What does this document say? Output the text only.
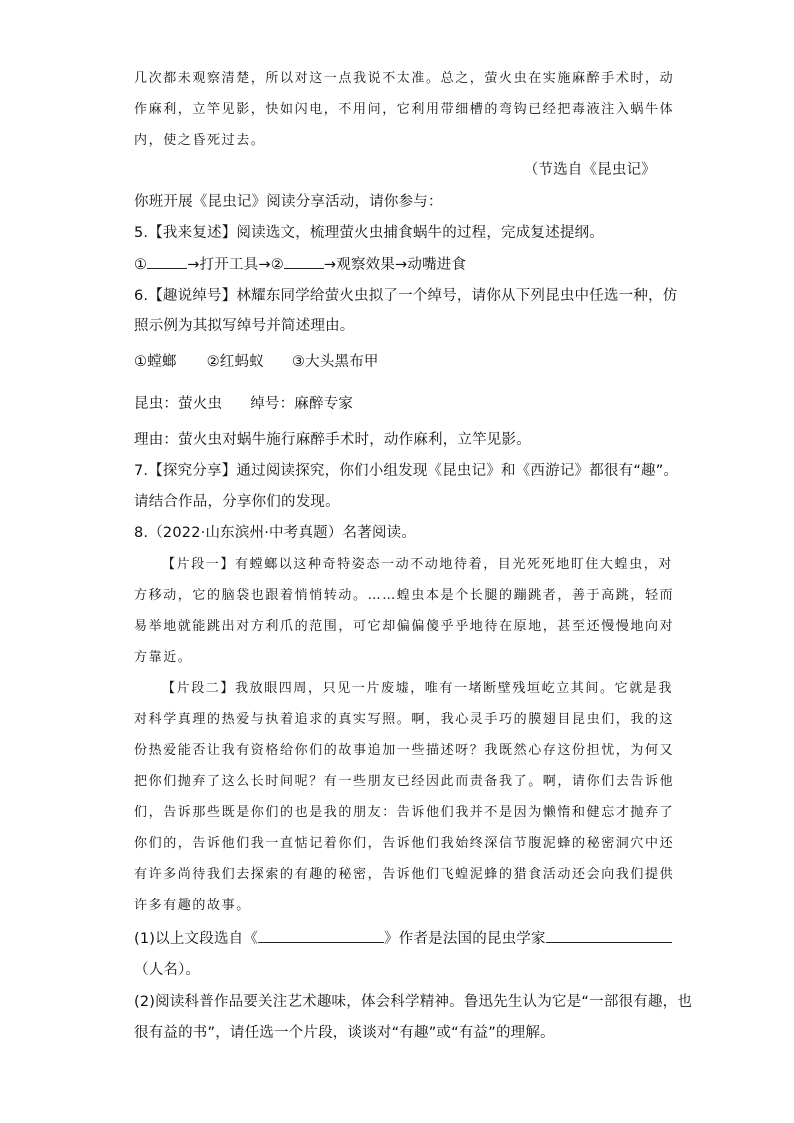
几次都未观察清楚，所以对这一点我说不太准。总之，萤火虫在实施麻醉手术时，动
作麻利，立竿见影，快如闪电，不用问，它利用带细槽的弯钩已经把毒液注入蜗牛体
内，使之昏死过去。
（节选自《昆虫记》
你班开展《昆虫记》阅读分享活动，请你参与：
5.【我来复述】阅读选文，梳理萤火虫捕食蜗牛的过程，完成复述提纲。
①	→打开工具→②	→观察效果→动嘴进食
6.【趣说绰号】林耀东同学给萤火虫拟了一个绰号，请你从下列昆虫中任选一种，仿
照示例为其拟写绰号并简述理由。
①螳螂 ②红蚂蚁 ③大头黑布甲
昆虫：萤火虫 绰号：麻醉专家
理由：萤火虫对蜗牛施行麻醉手术时，动作麻利，立竿见影。
7.【探究分享】通过阅读探究，你们小组发现《昆虫记》和《西游记》都很有“趣”。
请结合作品，分享你们的发现。
8.（2022·山东滨州·中考真题）名著阅读。
【片段一】有螳螂以这种奇特姿态一动不动地待着，目光死死地盯住大蝗虫，对
方移动，它的脑袋也跟着悄悄转动。……蝗虫本是个长腿的蹦跳者，善于高跳，轻而
易举地就能跳出对方利爪的范围，可它却偏偏傻乎乎地待在原地，甚至还慢慢地向对
方靠近。
【片段二】我放眼四周，只见一片废墟，唯有一堵断壁残垣屹立其间。它就是我
对科学真理的热爱与执着追求的真实写照。啊，我心灵手巧的膜翅目昆虫们，我的这
份热爱能否让我有资格给你们的故事追加一些描述呀？我既然心存这份担忧，为何又
把你们抛弃了这么长时间呢？有一些朋友已经因此而责备我了。啊，请你们去告诉他
们，告诉那些既是你们的也是我的朋友：告诉他们我并不是因为懒惰和健忘才抛弃了
你们的，告诉他们我一直惦记着你们，告诉他们我始终深信节腹泥蜂的秘密洞穴中还
有许多尚待我们去探索的有趣的秘密，告诉他们飞蝗泥蜂的猎食活动还会向我们提供
许多有趣的故事。
(1)以上文段选自《	》作者是法国的昆虫学家
（人名）。
(2)阅读科普作品要关注艺术趣味，体会科学精神。鲁迅先生认为它是“一部很有趣，也
很有益的书”，请任选一个片段，谈谈对“有趣”或“有益”的理解。
